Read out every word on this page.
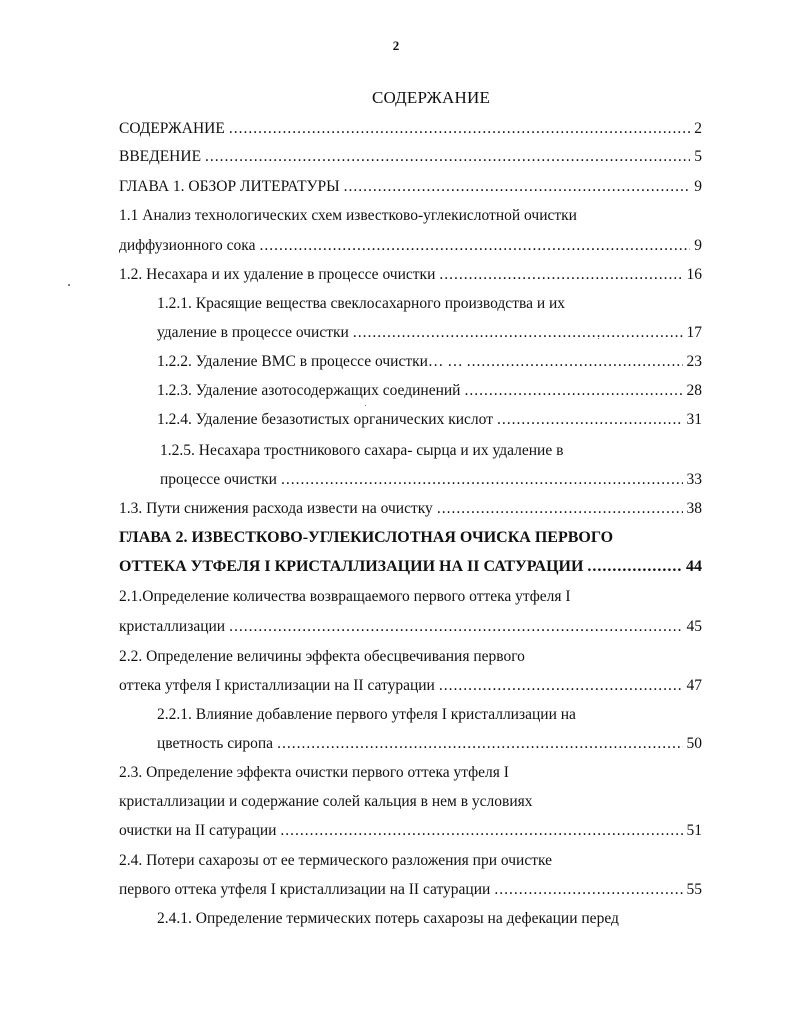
2
СОДЕРЖАНИЕ
СОДЕРЖАНИЕ .....	2
ВВЕДЕНИЕ .....	5
ГЛАВА 1. ОБЗОР ЛИТЕРАТУРЫ .....	9
1.1 Анализ технологических схем известково-углекислотной очистки
диффузионного сока .....	9
1.2. Несахара и их удаление в процессе очистки .....	16
1.2.1. Красящие вещества свеклосахарного производства и их
удаление в процессе очистки .....	17
1.2.2. Удаление ВМС в процессе очистки… … .....	23
1.2.3. Удаление азотосодержащих соединений .....	28
1.2.4. Удаление безазотистых органических кислот .....	31
1.2.5. Несахара тростникового сахара- сырца и их удаление в
процессе очистки .....	33
1.3. Пути снижения расхода извести на очистку .....	38
ГЛАВА 2. ИЗВЕСТКОВО-УГЛЕКИСЛОТНАЯ ОЧИСКА ПЕРВОГО
ОТТЕКА УТФЕЛЯ I КРИСТАЛЛИЗАЦИИ НА II САТУРАЦИИ .....	44
2.1.Определение количества возвращаемого первого оттека утфеля I
кристаллизации .....	45
2.2. Определение величины эффекта обесцвечивания первого
оттека утфеля I кристаллизации на II сатурации .....	47
2.2.1. Влияние добавление первого утфеля I кристаллизации на
цветность сиропа .....	50
2.3. Определение эффекта очистки первого оттека утфеля I
кристаллизации и содержание солей кальция в нем в условиях
очистки на II сатурации .....	51
2.4. Потери сахарозы от ее термического разложения при очистке
первого оттека утфеля I кристаллизации на II сатурации .....	55
2.4.1. Определение термических потерь сахарозы на дефекации перед
